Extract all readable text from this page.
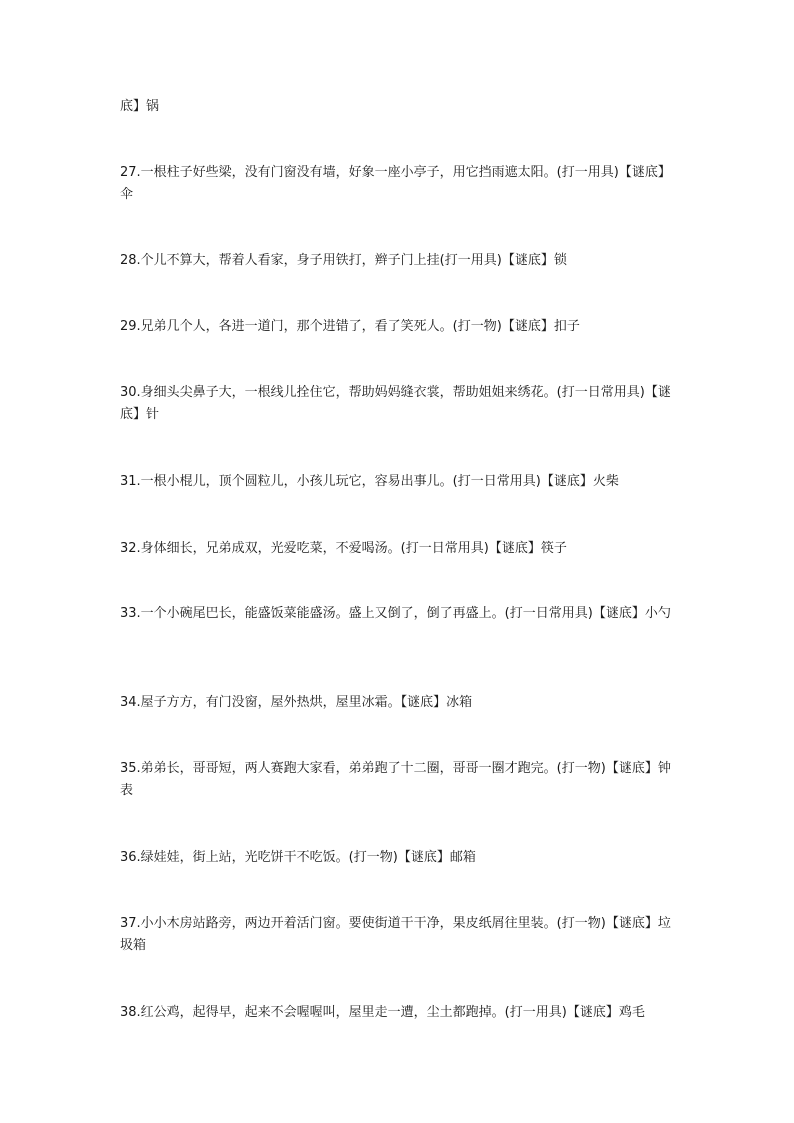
底】锅
27.一根柱子好些梁，没有门窗没有墙，好象一座小亭子，用它挡雨遮太阳。(打一用具)【谜底】伞
28.个儿不算大，帮着人看家，身子用铁打，辫子门上挂(打一用具)【谜底】锁
29.兄弟几个人，各进一道门，那个进错了，看了笑死人。(打一物)【谜底】扣子
30.身细头尖鼻子大，一根线儿拴住它，帮助妈妈缝衣裳，帮助姐姐来绣花。(打一日常用具)【谜底】针
31.一根小棍儿，顶个圆粒儿，小孩儿玩它，容易出事儿。(打一日常用具)【谜底】火柴
32.身体细长，兄弟成双，光爱吃菜，不爱喝汤。(打一日常用具)【谜底】筷子
33.一个小碗尾巴长，能盛饭菜能盛汤。盛上又倒了，倒了再盛上。(打一日常用具)【谜底】小勺
34.屋子方方，有门没窗，屋外热烘，屋里冰霜。【谜底】冰箱
35.弟弟长，哥哥短，两人赛跑大家看，弟弟跑了十二圈，哥哥一圈才跑完。(打一物)【谜底】钟表
36.绿娃娃，街上站，光吃饼干不吃饭。(打一物)【谜底】邮箱
37.小小木房站路旁，两边开着活门窗。要使街道干干净，果皮纸屑往里装。(打一物)【谜底】垃圾箱
38.红公鸡，起得早，起来不会喔喔叫，屋里走一遭，尘土都跑掉。(打一用具)【谜底】鸡毛
